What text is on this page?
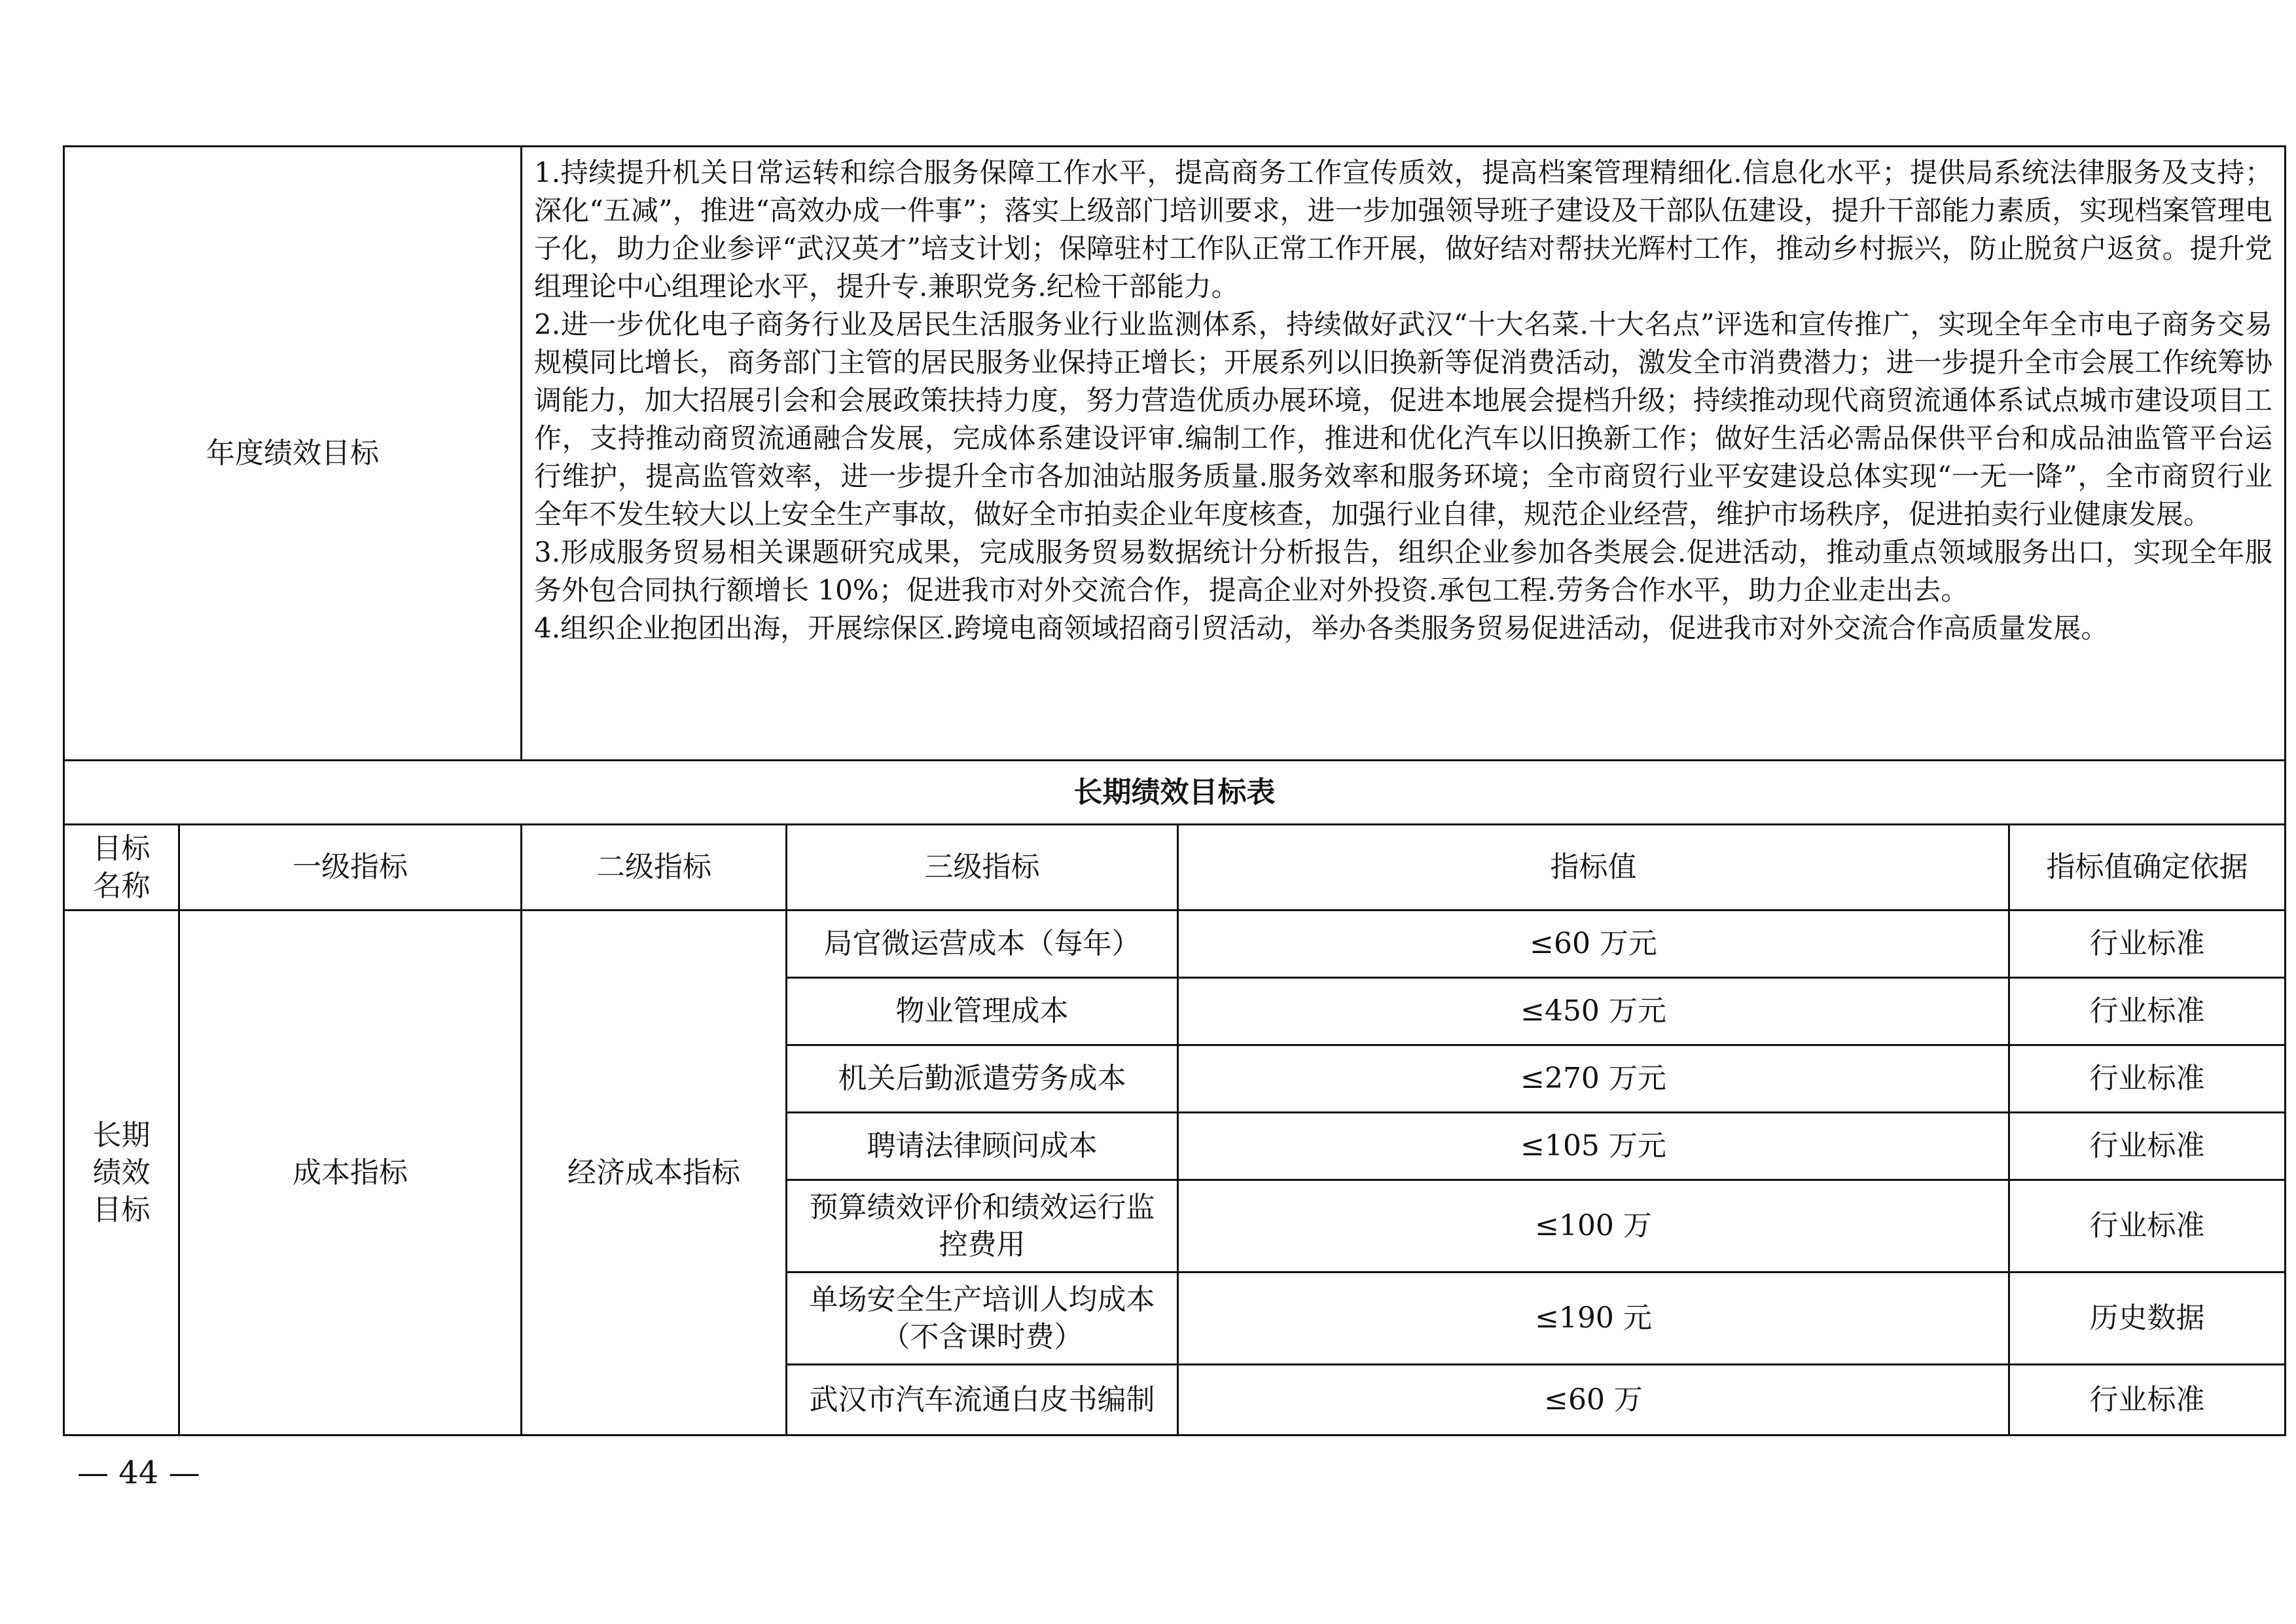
年度绩效目标		1.持续提升机关日常运转和综合服务保障工作水平，提高商务工作宣传质效，提高档案管理精细化.信息化水平；提供局系统法律服务及支持；深化“五减”，推进“高效办成一件事”；落实上级部门培训要求，进一步加强领导班子建设及干部队伍建设，提升干部能力素质，实现档案管理电子化，助力企业参评“武汉英才”培支计划；保障驻村工作队正常工作开展，做好结对帮扶光辉村工作，推动乡村振兴，防止脱贫户返贫。提升党组理论中心组理论水平，提升专.兼职党务.纪检干部能力。

2.进一步优化电子商务行业及居民生活服务业行业监测体系，持续做好武汉“十大名菜.十大名点”评选和宣传推广，实现全年全市电子商务交易规模同比增长，商务部门主管的居民服务业保持正增长；开展系列以旧换新等促消费活动，激发全市消费潜力；进一步提升全市会展工作统筹协调能力，加大招展引会和会展政策扶持力度，努力营造优质办展环境，促进本地展会提档升级；持续推动现代商贸流通体系试点城市建设项目工作，支持推动商贸流通融合发展，完成体系建设评审.编制工作，推进和优化汽车以旧换新工作；做好生活必需品保供平台和成品油监管平台运行维护，提高监管效率，进一步提升全市各加油站服务质量.服务效率和服务环境；全市商贸行业平安建设总体实现“一无一降”，全市商贸行业全年不发生较大以上安全生产事故，做好全市拍卖企业年度核查，加强行业自律，规范企业经营，维护市场秩序，促进拍卖行业健康发展。

3.形成服务贸易相关课题研究成果，完成服务贸易数据统计分析报告，组织企业参加各类展会.促进活动，推动重点领域服务出口，实现全年服务外包合同执行额增长 10%；促进我市对外交流合作，提高企业对外投资.承包工程.劳务合作水平，助力企业走出去。

4.组织企业抱团出海，开展综保区.跨境电商领域招商引贸活动，举办各类服务贸易促进活动，促进我市对外交流合作高质量发展。			

长期绩效目标表					

目标
名称	一级指标	二级指标	三级指标	指标值	指标值确定依据

长期
绩效
目标	成本指标	经济成本指标	局官微运营成本（每年）	≤60 万元	行业标准

			物业管理成本	≤450 万元	行业标准

			机关后勤派遣劳务成本	≤270 万元	行业标准

			聘请法律顾问成本	≤105 万元	行业标准

			预算绩效评价和绩效运行监
控费用	≤100 万	行业标准

			单场安全生产培训人均成本
（不含课时费）	≤190 元	历史数据

			武汉市汽车流通白皮书编制	≤60 万	行业标准
— 44 —
